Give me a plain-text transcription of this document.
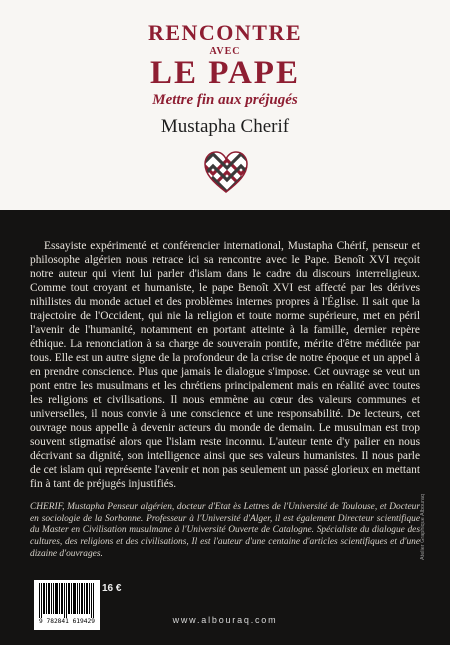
RENCONTRE
AVEC
LE PAPE
Mettre fin aux préjugés
Mustapha Cherif

Essayiste expérimenté et conférencier international, Mustapha Chérif, penseur et philosophe algérien nous retrace ici sa rencontre avec le Pape. Benoît XVI reçoit notre auteur qui vient lui parler d'islam dans le cadre du discours interreligieux. Comme tout croyant et humaniste, le pape Benoît XVI est affecté par les dérives nihilistes du monde actuel et des problèmes internes propres à l'Église. Il sait que la trajectoire de l'Occident, qui nie la religion et toute norme supérieure, met en péril l'avenir de l'humanité, notamment en portant atteinte à la famille, dernier repère éthique. La renonciation à sa charge de souverain pontife, mérite d'être méditée par tous. Elle est un autre signe de la profondeur de la crise de notre époque et un appel à en prendre conscience. Plus que jamais le dialogue s'impose. Cet ouvrage se veut un pont entre les musulmans et les chrétiens principalement mais en réalité avec toutes les religions et civilisations. Il nous emmène au cœur des valeurs communes et universelles, il nous convie à une conscience et une responsabilité. De lecteurs, cet ouvrage nous appelle à devenir acteurs du monde de demain. Le musulman est trop souvent stigmatisé alors que l'islam reste inconnu. L'auteur tente d'y palier en nous décrivant sa dignité, son intelligence ainsi que ses valeurs humanistes. Il nous parle de cet islam qui représente l'avenir et non pas seulement un passé glorieux en mettant fin à tant de préjugés injustifiés.

CHERIF, Mustapha Penseur algérien, docteur d'Etat ès Lettres de l'Université de Toulouse, et Docteur en sociologie de la Sorbonne. Professeur à l'Université d'Alger, il est également Directeur scientifique du Master en Civilisation musulmane à l'Université Ouverte de Catalogne. Spécialiste du dialogue des cultures, des religions et des civilisations, Il est l'auteur d'une centaine d'articles scientifiques et d'une dizaine d'ouvrages.

9 782841 619429
16 €
www.albouraq.com
Atelier Graphique Albouraq
